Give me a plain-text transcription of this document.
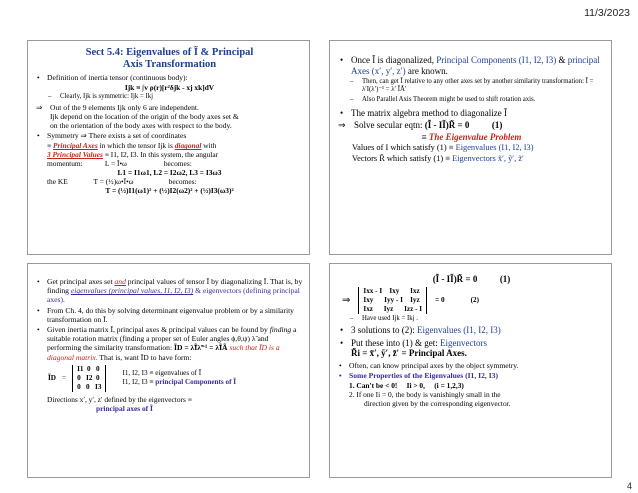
11/3/2023
Sect 5.4: Eigenvalues of Ĩ & Principal
Axis Transformation
• Definition of inertia tensor (continuous body):
Ijk ≡ ∫v ρ(r)[r²δjk - xj xk]dV
– Clearly, Ijk is symmetric: Ijk = Ikj
⇒ Out of the 9 elements Ijk only 6 are independent.
Ijk depend on the location of the origin of the body axes set &
on the orientation of the body axes with respect to the body.
• Symmetry ⇒ There exists a set of coordinates
≡ Principal Axes in which the tensor Ijk is diagonal with
3 Principal Values ≡ I1, I2, I3. In this system, the angular
momentum:            L = Ĩ•ω                    becomes:
L1 = I1ω1, L2 = I2ω2, L3 = I3ω3
the KE              T = (½)ω•Ĩ•ω                   becomes:
T = (½)I1(ω1)² + (½)I2(ω2)² + (½)I3(ω3)²
• Once Ĩ is diagonalized, Principal Components (I1, I2, I3) & principal Axes (x′, y′, z′) are known.
– Then, can get Ĩ relative to any other axes set by another similarity transformation: Ĩ = λ′I(λ′)⁻¹ = λ′ ĨÃ′
– Also Parallel Axis Theorem might be used to shift rotation axis.
• The matrix algebra method to diagonalize Ĩ
⇒ Solve secular eqtn: (Ĩ - IĨ)R̃ = 0          (1)
≡ The Eigenvalue Problem
Values of I which satisfy (1) ≡ Eigenvalues (I1, I2, I3)
Vectors R̃ which satisfy (1) ≡ Eigenvectors x̃′, ỹ′, z̃′
• Get principal axes set and principal values of tensor Ĩ by diagonalizing Ĩ. That is, by finding eigenvalues (principal values, I1, I2, I3) & eigenvectors (defining principal axes).
• From Ch. 4, do this by solving determinant eigenvalue problem or by a similarity transformation on Ĩ.
• Given inertia matrix Ĩ, principal axes & principal values can be found by finding a suitable rotation matrix (finding a proper set of Euler angles ϕ,θ,ψ) λ̃ and performing the similarity transformation: ĨD = λ̃Ĩλ̃⁻¹ = λ̃ĨÃ such that ĨD is a diagonal matrix. That is, want ĨD to have form:
ĨD =
I1  0   0
0   I2  0
0   0   I3
I1, I2, I3 ≡ eigenvalues of Ĩ
I1, I2, I3 ≡ principal Components of Ĩ
Directions x′, y′, z′ defined by the eigenvectors ≡
principal axes of Ĩ
(Ĩ - IĨ)R̃ = 0          (1)
⇒
Ixx - I    Ixy      Ixz
Ixy      Iyy - I    Iyz
Ixz      Iyz      Izz - I
= 0	(2)
– Have used Ijk = Ikj .
• 3 solutions to (2): Eigenvalues (I1, I2, I3)
• Put these into (1) & get: Eigenvectors
R̃i = x̃′, ỹ′, z̃′ = Principal Axes.
• Often, can know principal axes by the object symmetry.
• Some Properties of the Eigenvalues (I1, I2, I3)
1. Can't be < 0!     Ii > 0,     (i = 1,2,3)
2. If one Ii = 0, the body is vanishingly small in the
direction given by the corresponding eigenvector.
4
